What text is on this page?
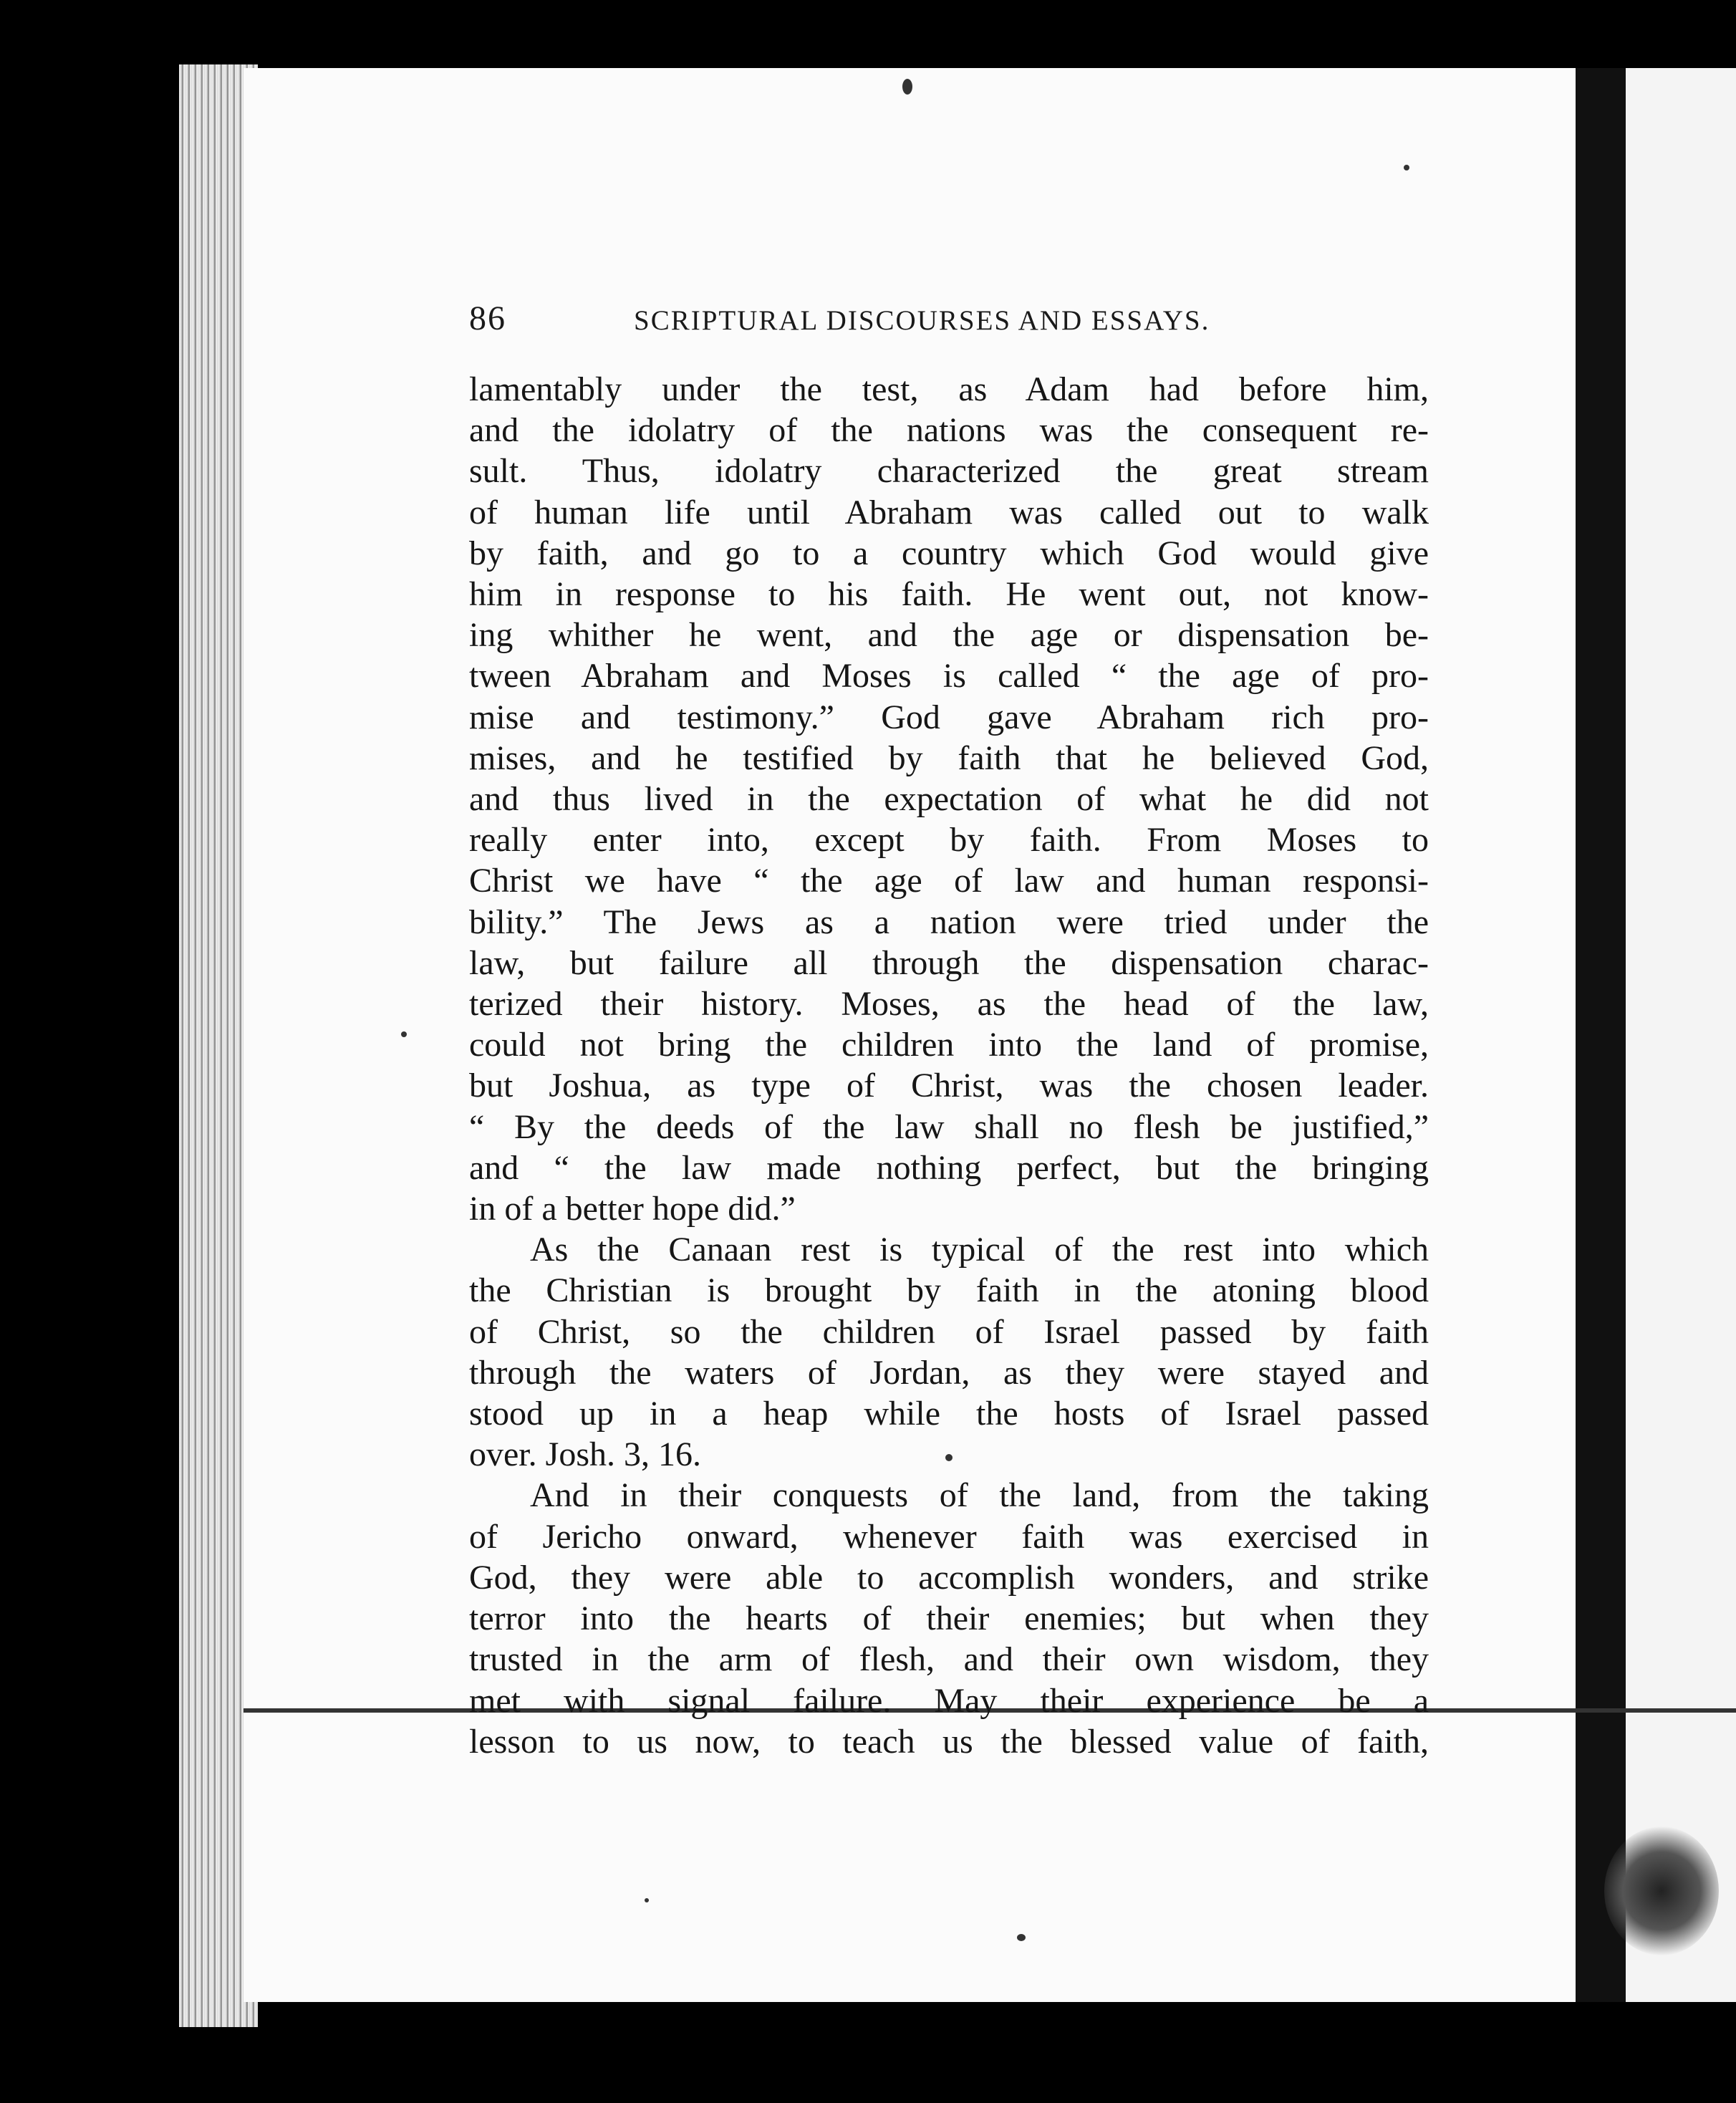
86	SCRIPTURAL DISCOURSES AND ESSAYS.
lamentably under the test, as Adam had before him,
and the idolatry of the nations was the consequent re-
sult. Thus, idolatry characterized the great stream
of human life until Abraham was called out to walk
by faith, and go to a country which God would give
him in response to his faith. He went out, not know-
ing whither he went, and the age or dispensation be-
tween Abraham and Moses is called “ the age of pro-
mise and testimony.” God gave Abraham rich pro-
mises, and he testified by faith that he believed God,
and thus lived in the expectation of what he did not
really enter into, except by faith. From Moses to
Christ we have “ the age of law and human responsi-
bility.” The Jews as a nation were tried under the
law, but failure all through the dispensation charac-
terized their history. Moses, as the head of the law,
could not bring the children into the land of promise,
but Joshua, as type of Christ, was the chosen leader.
“ By the deeds of the law shall no flesh be justified,”
and “ the law made nothing perfect, but the bringing
in of a better hope did.”
As the Canaan rest is typical of the rest into which
the Christian is brought by faith in the atoning blood
of Christ, so the children of Israel passed by faith
through the waters of Jordan, as they were stayed and
stood up in a heap while the hosts of Israel passed
over. Josh. 3, 16.
And in their conquests of the land, from the taking
of Jericho onward, whenever faith was exercised in
God, they were able to accomplish wonders, and strike
terror into the hearts of their enemies; but when they
trusted in the arm of flesh, and their own wisdom, they
met with signal failure. May their experience be a
lesson to us now, to teach us the blessed value of faith,
